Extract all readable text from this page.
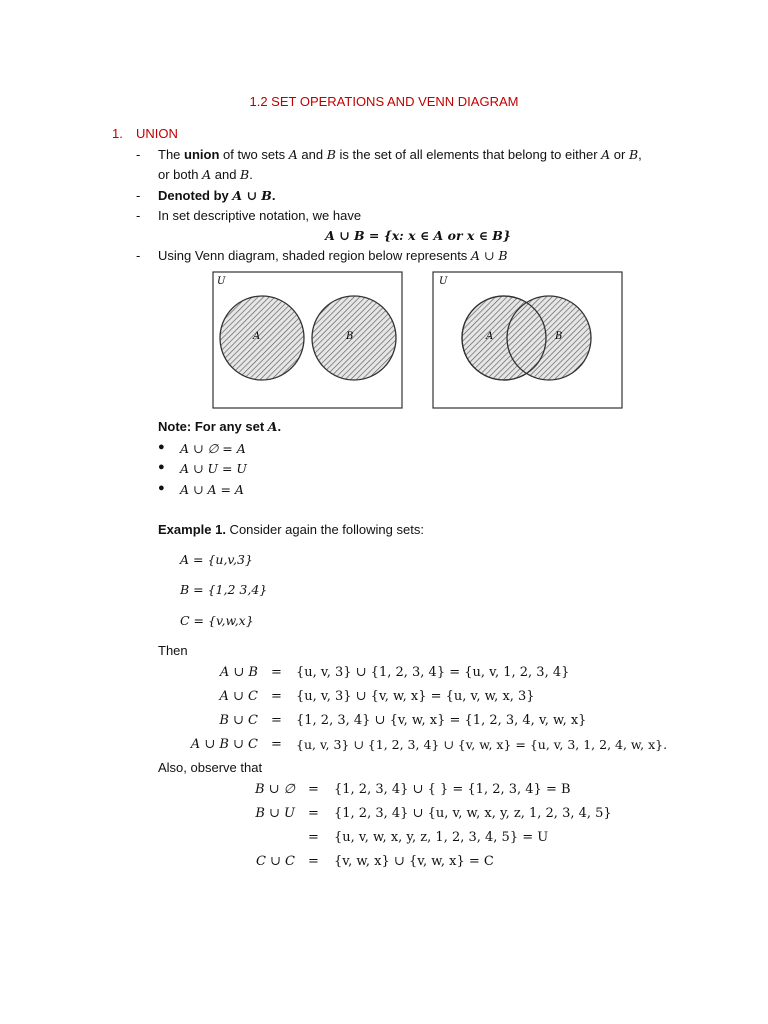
1.2 SET OPERATIONS AND VENN DIAGRAM
1. UNION
- The union of two sets A and B is the set of all elements that belong to either A or B,
or both A and B.
- Denoted by A ∪ B.
- In set descriptive notation, we have
A ∪ B = {x: x ∈ A or x ∈ B}
- Using Venn diagram, shaded region below represents A ∪ B
U
A	B
U
A	B
Note: For any set A.
● A ∪ ∅ = A
● A ∪ U = U
● A ∪ A = A
Example 1. Consider again the following sets:
A = {u,v,3}
B = {1,2 3,4}
C = {v,w,x}
Then
A ∪ B = {u, v, 3} ∪ {1, 2, 3, 4} = {u, v, 1, 2, 3, 4}
A ∪ C = {u, v, 3} ∪ {v, w, x} = {u, v, w, x, 3}
B ∪ C = {1, 2, 3, 4} ∪ {v, w, x} = {1, 2, 3, 4, v, w, x}
A ∪ B ∪ C = {u, v, 3} ∪ {1, 2, 3, 4} ∪ {v, w, x} = {u, v, 3, 1, 2, 4, w, x}.
Also, observe that
B ∪ ∅ = {1, 2, 3, 4} ∪ { } = {1, 2, 3, 4} = B
B ∪ U = {1, 2, 3, 4} ∪ {u, v, w, x, y, z, 1, 2, 3, 4, 5}
= {u, v, w, x, y, z, 1, 2, 3, 4, 5} = U
C ∪ C = {v, w, x} ∪ {v, w, x} = C
